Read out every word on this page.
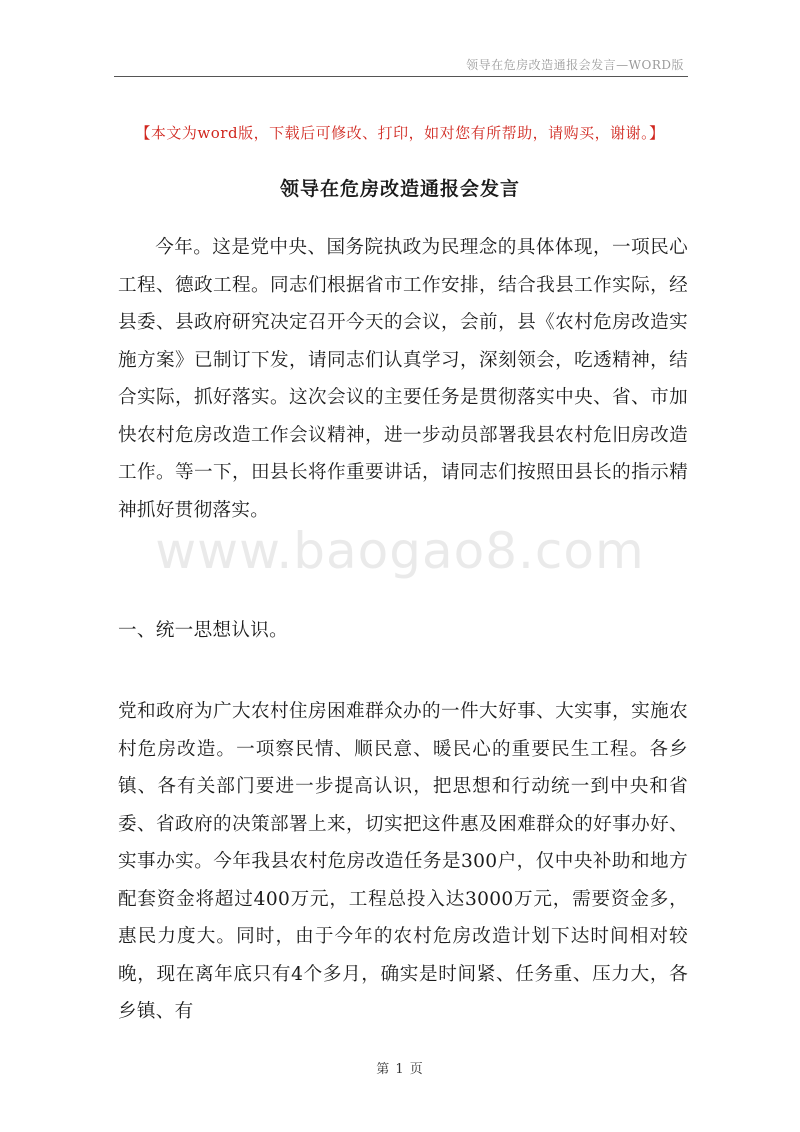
领导在危房改造通报会发言—WORD版
【本文为word版，下载后可修改、打印，如对您有所帮助，请购买，谢谢。】
领导在危房改造通报会发言
今年。这是党中央、国务院执政为民理念的具体体现，一项民心工程、德政工程。同志们根据省市工作安排，结合我县工作实际，经县委、县政府研究决定召开今天的会议，会前，县《农村危房改造实施方案》已制订下发，请同志们认真学习，深刻领会，吃透精神，结合实际，抓好落实。这次会议的主要任务是贯彻落实中央、省、市加快农村危房改造工作会议精神，进一步动员部署我县农村危旧房改造工作。等一下，田县长将作重要讲话，请同志们按照田县长的指示精神抓好贯彻落实。
一、统一思想认识。
党和政府为广大农村住房困难群众办的一件大好事、大实事，实施农村危房改造。一项察民情、顺民意、暖民心的重要民生工程。各乡镇、各有关部门要进一步提高认识，把思想和行动统一到中央和省委、省政府的决策部署上来，切实把这件惠及困难群众的好事办好、实事办实。今年我县农村危房改造任务是300户，仅中央补助和地方配套资金将超过400万元，工程总投入达3000万元，需要资金多，惠民力度大。同时，由于今年的农村危房改造计划下达时间相对较晚，现在离年底只有4个多月，确实是时间紧、任务重、压力大，各乡镇、有
www.baogao8.com
第 1 页
